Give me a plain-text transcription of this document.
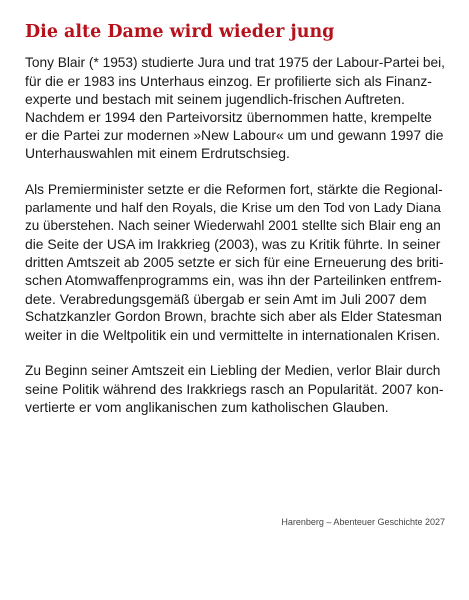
Die alte Dame wird wieder jung

Tony Blair (* 1953) studierte Jura und trat 1975 der Labour-Partei bei,
für die er 1983 ins Unterhaus einzog. Er profilierte sich als Finanz-
experte und bestach mit seinem jugendlich-frischen Auftreten.
Nachdem er 1994 den Parteivorsitz übernommen hatte, krempelte
er die Partei zur modernen »New Labour« um und gewann 1997 die
Unterhauswahlen mit einem Erdrutschsieg.

Als Premierminister setzte er die Reformen fort, stärkte die Regional-
parlamente und half den Royals, die Krise um den Tod von Lady Diana
zu überstehen. Nach seiner Wiederwahl 2001 stellte sich Blair eng an
die Seite der USA im Irakkrieg (2003), was zu Kritik führte. In seiner
dritten Amtszeit ab 2005 setzte er sich für eine Erneuerung des briti-
schen Atomwaffenprogramms ein, was ihn der Parteilinken entfrem-
dete. Verabredungsgemäß übergab er sein Amt im Juli 2007 dem
Schatzkanzler Gordon Brown, brachte sich aber als Elder Statesman
weiter in die Weltpolitik ein und vermittelte in internationalen Krisen.

Zu Beginn seiner Amtszeit ein Liebling der Medien, verlor Blair durch
seine Politik während des Irakkriegs rasch an Popularität. 2007 kon-
vertierte er vom anglikanischen zum katholischen Glauben.

Harenberg – Abenteuer Geschichte 2027
